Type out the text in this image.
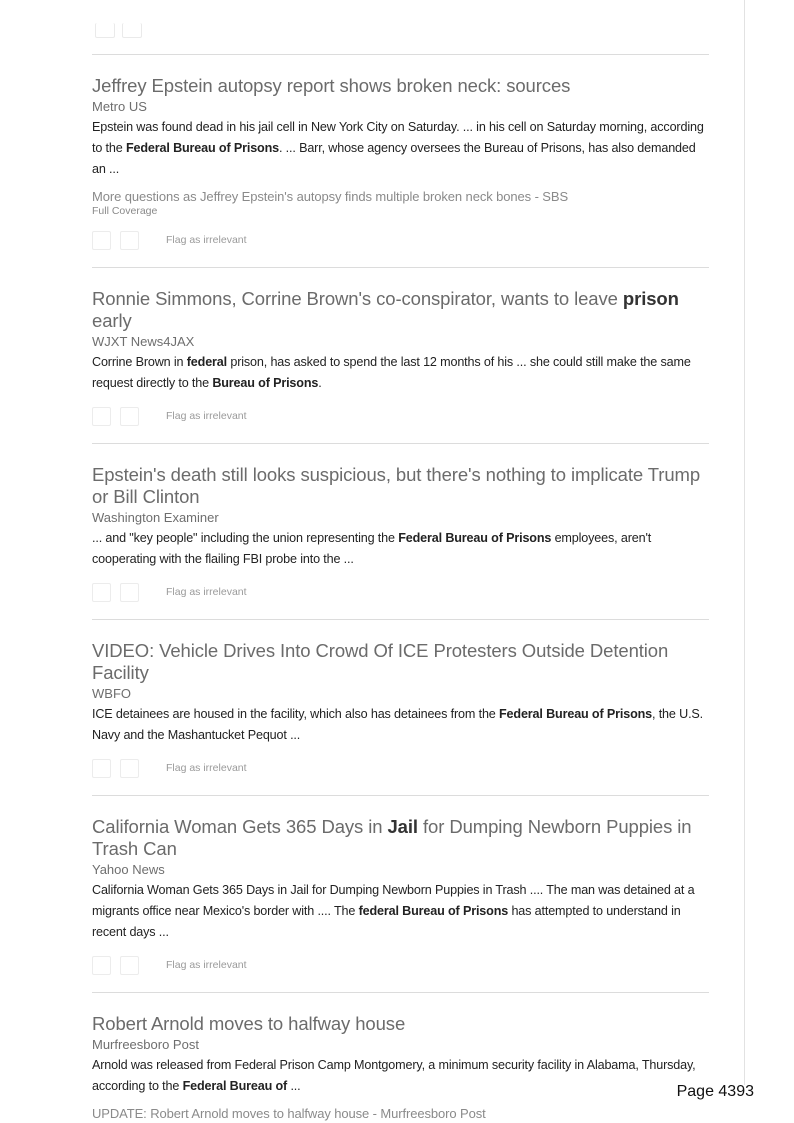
Jeffrey Epstein autopsy report shows broken neck: sources
Metro US
Epstein was found dead in his jail cell in New York City on Saturday. ... in his cell on Saturday morning, according to the Federal Bureau of Prisons. ... Barr, whose agency oversees the Bureau of Prisons, has also demanded an ...
More questions as Jeffrey Epstein's autopsy finds multiple broken neck bones - SBS
Full Coverage
Flag as irrelevant
Ronnie Simmons, Corrine Brown's co-conspirator, wants to leave prison early
WJXT News4JAX
Corrine Brown in federal prison, has asked to spend the last 12 months of his ... she could still make the same request directly to the Bureau of Prisons.
Flag as irrelevant
Epstein's death still looks suspicious, but there's nothing to implicate Trump or Bill Clinton
Washington Examiner
... and "key people" including the union representing the Federal Bureau of Prisons employees, aren't cooperating with the flailing FBI probe into the ...
Flag as irrelevant
VIDEO: Vehicle Drives Into Crowd Of ICE Protesters Outside Detention Facility
WBFO
ICE detainees are housed in the facility, which also has detainees from the Federal Bureau of Prisons, the U.S. Navy and the Mashantucket Pequot ...
Flag as irrelevant
California Woman Gets 365 Days in Jail for Dumping Newborn Puppies in Trash Can
Yahoo News
California Woman Gets 365 Days in Jail for Dumping Newborn Puppies in Trash .... The man was detained at a migrants office near Mexico's border with .... The federal Bureau of Prisons has attempted to understand in recent days ...
Flag as irrelevant
Robert Arnold moves to halfway house
Murfreesboro Post
Arnold was released from Federal Prison Camp Montgomery, a minimum security facility in Alabama, Thursday, according to the Federal Bureau of ...
UPDATE: Robert Arnold moves to halfway house - Murfreesboro Post
Page 4393
